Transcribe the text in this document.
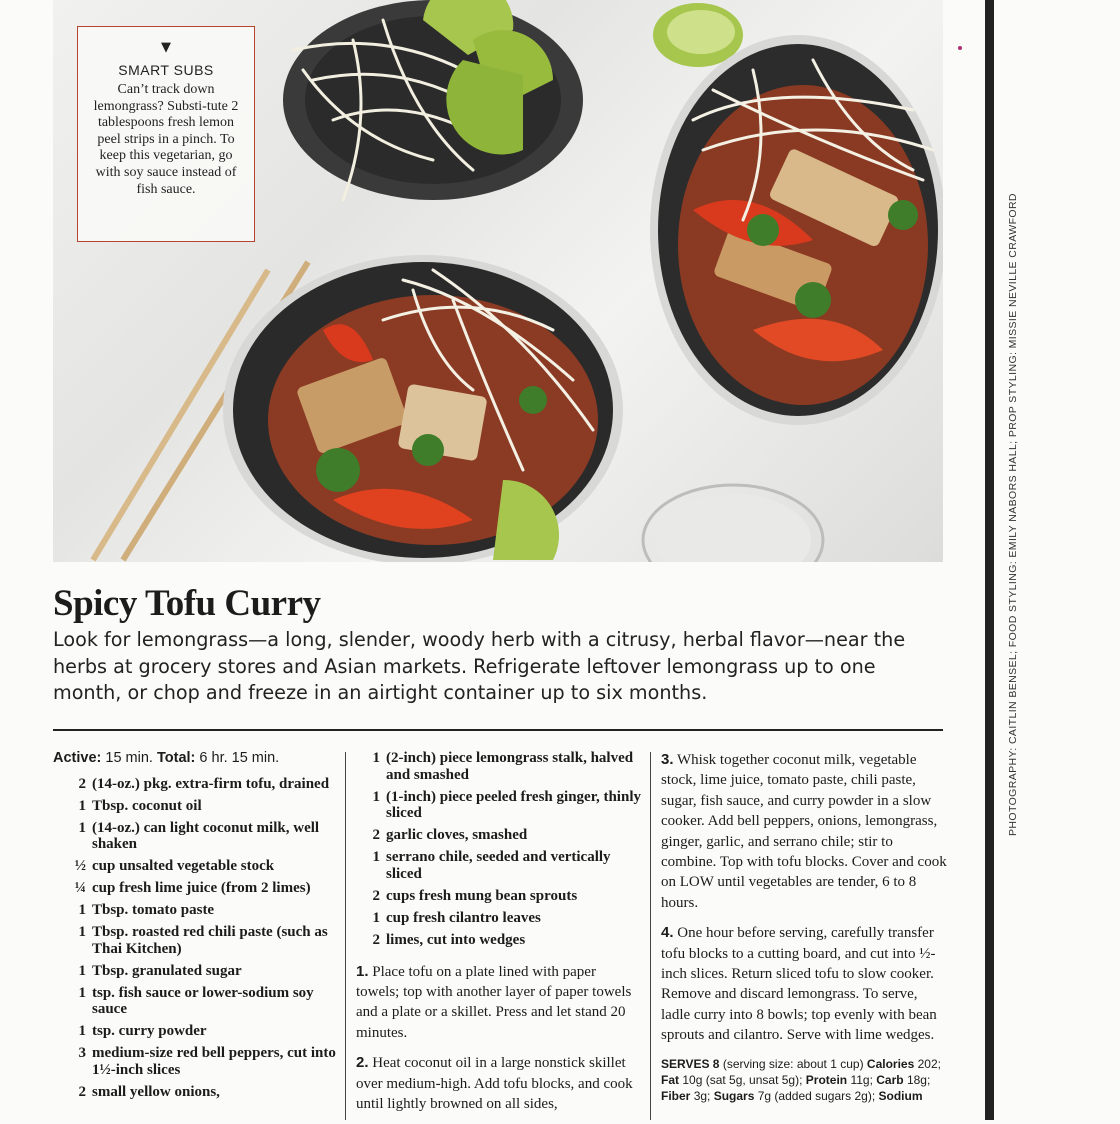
▼
SMART SUBS
Can’t track down lemongrass? Substi-tute 2 tablespoons fresh lemon peel strips in a pinch. To keep this vegetarian, go with soy sauce instead of fish sauce.
PHOTOGRAPHY: CAITLIN BENSEL; FOOD STYLING: EMILY NABORS HALL; PROP STYLING: MISSIE NEVILLE CRAWFORD
Spicy Tofu Curry

Look for lemongrass—a long, slender, woody herb with a citrusy, herbal flavor—near the herbs at grocery stores and Asian markets. Refrigerate leftover lemongrass up to one month, or chop and freeze in an airtight container up to six months.

Active: 15 min. Total: 6 hr. 15 min.
2 (14-oz.) pkg. extra-firm tofu, drained
1 Tbsp. coconut oil
1 (14-oz.) can light coconut milk, well shaken
½ cup unsalted vegetable stock
¼ cup fresh lime juice (from 2 limes)
1 Tbsp. tomato paste
1 Tbsp. roasted red chili paste (such as Thai Kitchen)
1 Tbsp. granulated sugar
1 tsp. fish sauce or lower-sodium soy sauce
1 tsp. curry powder
3 medium-size red bell peppers, cut into 1½-inch slices
2 small yellow onions,
1 (2-inch) piece lemongrass stalk, halved and smashed
1 (1-inch) piece peeled fresh ginger, thinly sliced
2 garlic cloves, smashed
1 serrano chile, seeded and vertically sliced
2 cups fresh mung bean sprouts
1 cup fresh cilantro leaves
2 limes, cut into wedges

1. Place tofu on a plate lined with paper towels; top with another layer of paper towels and a plate or a skillet. Press and let stand 20 minutes.

2. Heat coconut oil in a large nonstick skillet over medium-high. Add tofu blocks, and cook until lightly browned on all sides,

3. Whisk together coconut milk, vegetable stock, lime juice, tomato paste, chili paste, sugar, fish sauce, and curry powder in a slow cooker. Add bell peppers, onions, lemongrass, ginger, garlic, and serrano chile; stir to combine. Top with tofu blocks. Cover and cook on LOW until vegetables are tender, 6 to 8 hours.

4. One hour before serving, carefully transfer tofu blocks to a cutting board, and cut into ½-inch slices. Return sliced tofu to slow cooker. Remove and discard lemongrass. To serve, ladle curry into 8 bowls; top evenly with bean sprouts and cilantro. Serve with lime wedges.

SERVES 8 (serving size: about 1 cup) Calories 202; Fat 10g (sat 5g, unsat 5g); Protein 11g; Carb 18g; Fiber 3g; Sugars 7g (added sugars 2g); Sodium
